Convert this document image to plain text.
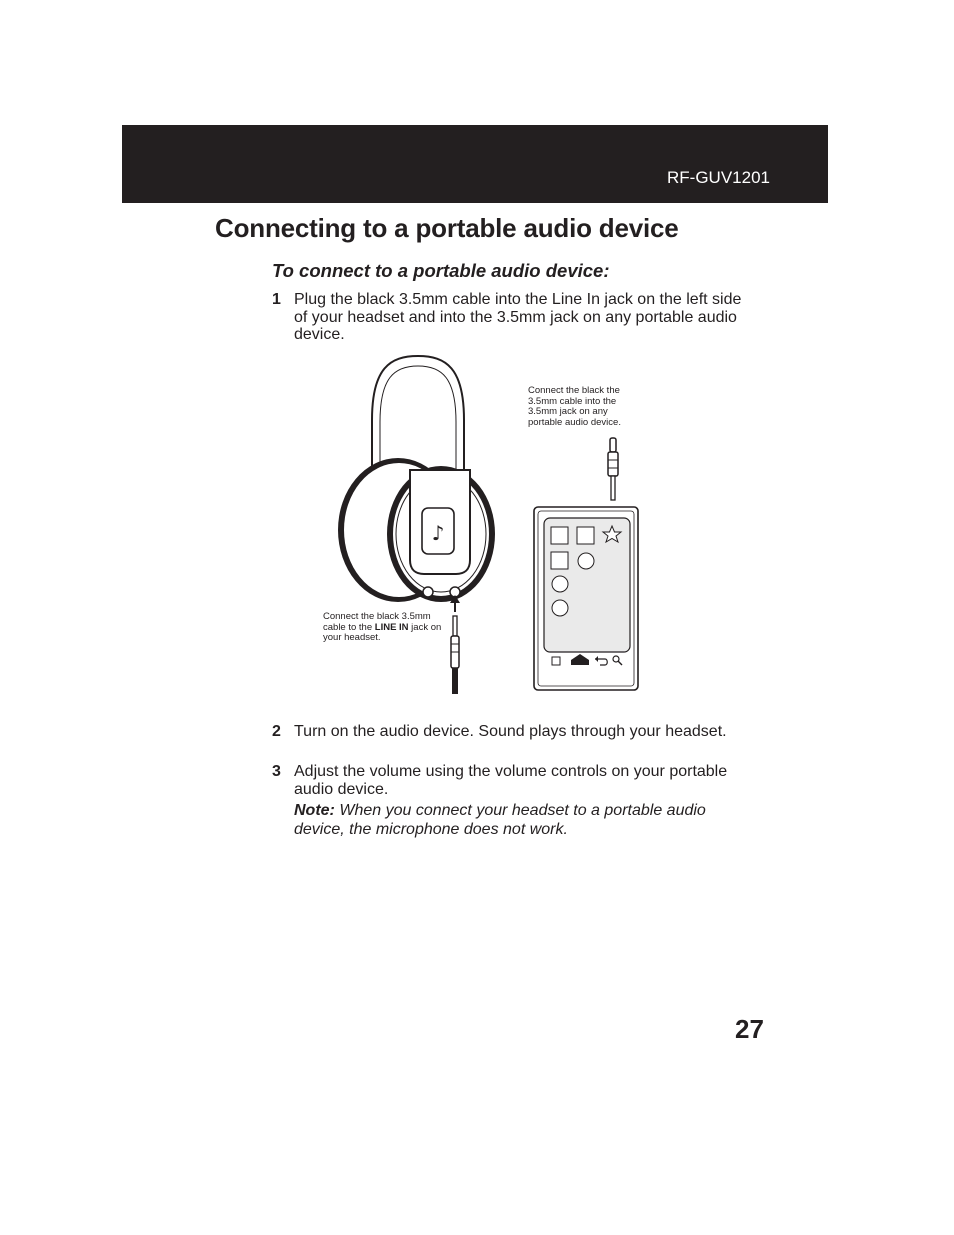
RF-GUV1201
Connecting to a portable audio device
To connect to a portable audio device:
1 Plug the black 3.5mm cable into the Line In jack on the left side of your headset and into the 3.5mm jack on any portable audio device.
♪
Connect the black the 3.5mm cable into the 3.5mm jack on any portable audio device.
Connect the black 3.5mm cable to the LINE IN jack on your headset.
2 Turn on the audio device. Sound plays through your headset.
3 Adjust the volume using the volume controls on your portable audio device.
Note: When you connect your headset to a portable audio device, the microphone does not work.
27
